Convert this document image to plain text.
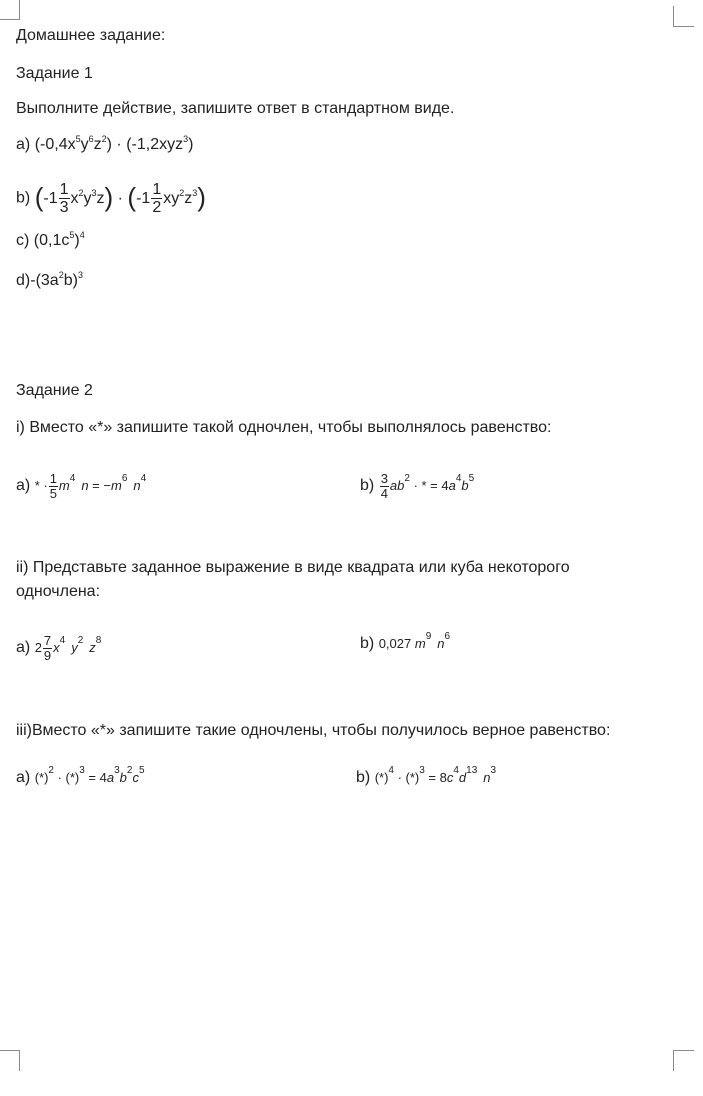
Домашнее задание:
Задание 1
Выполните действие, запишите ответ в стандартном виде.
a) $(-0,4x^5y^6z^2) \cdot (-1,2xyz^3)$
b) $(-1 \frac{1}{3} x^2y^3z) \cdot (-1 \frac{1}{2} xy^2z^3)$
c) $(0,1c^5)^4$
$d)-(3a^2b)^3$
Задание 2
i) Вместо «*» запишите такой одночлен, чтобы выполнялось равенство:
a) * · $\frac{1}{5} m^4$ $n = -m^6$ $n^4$	$b) \frac{3}{4} ab^2$ · * = $4a^4b^5$
ii) Представьте заданное выражение в виде квадрата или куба некоторого
одночлена:
a) $2 \frac{7}{9} x^4$ $y^2$ $z^8$	b) 0,027 $m^9$ $n^6$
iii)Вместо «*» запишите такие одночлены, чтобы получилось верное равенство:
a) $(*)^2 \cdot (*)^3 = 4a^3b^2c^5$	b) $(*)^4 \cdot (*)^3 = 8c^4d^{13}$ $n^3$
